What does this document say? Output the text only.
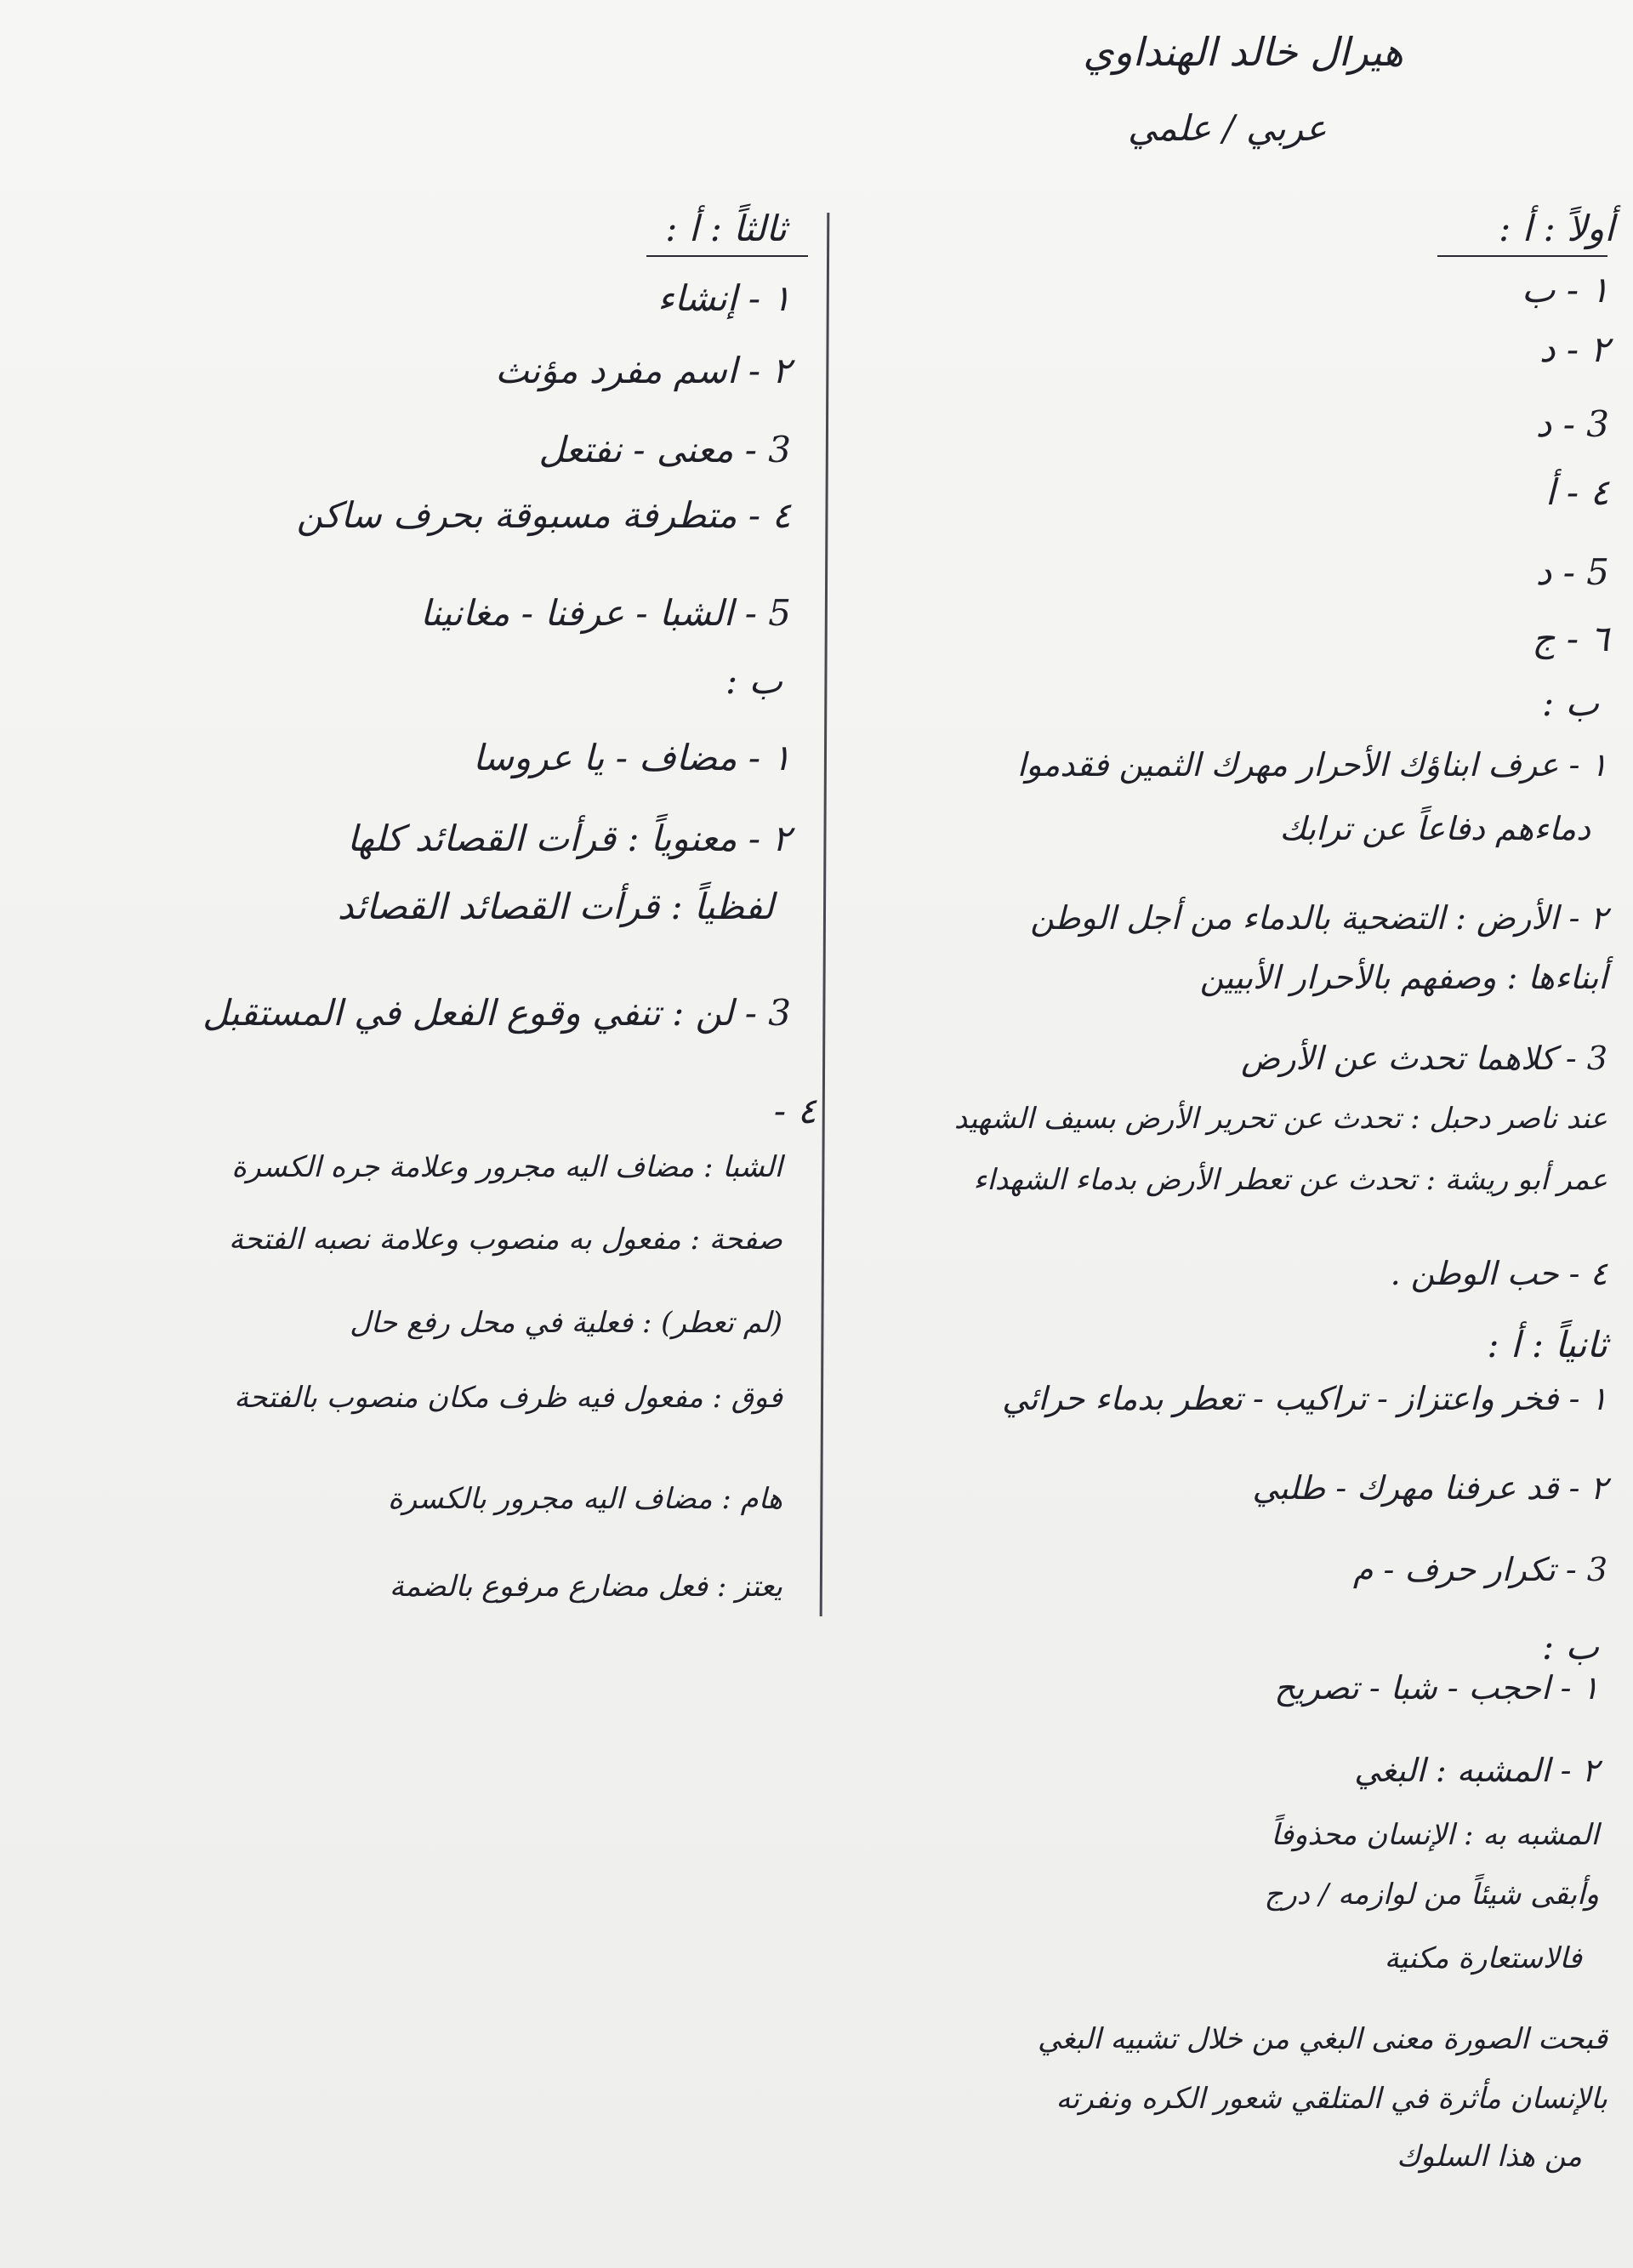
هيرال خالد الهنداوي
عربي / علمي
أولاً : أ :
١ - ب
٢ - د
3 - د
٤ - أ
5 - د
٦ - ج
ب :
١ - عرف ابناؤك الأحرار مهرك الثمين فقدموا
دماءهم دفاعاً عن ترابك
٢ - الأرض : التضحية بالدماء من أجل الوطن
أبناءها : وصفهم بالأحرار الأبيين
3 - كلاهما تحدث عن الأرض
عند ناصر دحبل : تحدث عن تحرير الأرض بسيف الشهيد
عمر أبو ريشة : تحدث عن تعطر الأرض بدماء الشهداء
٤ - حب الوطن .
ثانياً : أ :
١ - فخر واعتزاز - تراكيب - تعطر بدماء حرائي
٢ - قد عرفنا مهرك - طلبي
3 - تكرار حرف - م
ب :
١ - احجب - شبا - تصريح
٢ - المشبه : البغي
المشبه به : الإنسان محذوفاً
وأبقى شيئاً من لوازمه / درج
فالاستعارة مكنية
قبحت الصورة معنى البغي من خلال تشبيه البغي
بالإنسان مأثرة في المتلقي شعور الكره ونفرته
من هذا السلوك
ثالثاً : أ :
١ - إنشاء
٢ - اسم مفرد مؤنث
3 - معنى - نفتعل
٤ - متطرفة مسبوقة بحرف ساكن
5 - الشبا - عرفنا - مغانينا
ب :
١ - مضاف - يا عروسا
٢ - معنوياً : قرأت القصائد كلها
لفظياً : قرأت القصائد القصائد
3 - لن : تنفي وقوع الفعل في المستقبل
٤ -
الشبا : مضاف اليه مجرور وعلامة جره الكسرة
صفحة : مفعول به منصوب وعلامة نصبه الفتحة
(لم تعطر) : فعلية في محل رفع حال
فوق : مفعول فيه ظرف مكان منصوب بالفتحة
هام : مضاف اليه مجرور بالكسرة
يعتز : فعل مضارع مرفوع بالضمة
